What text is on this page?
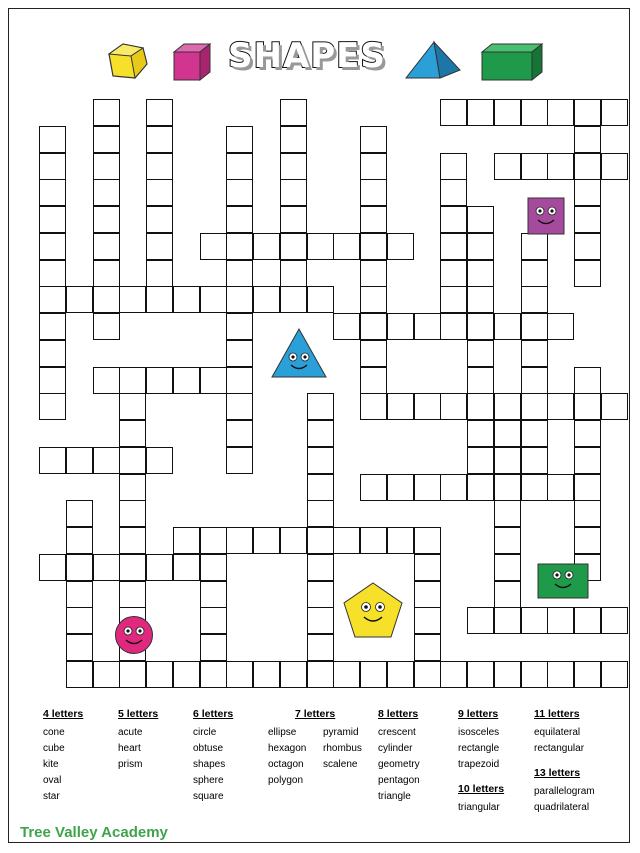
SHAPES
4 letters
cone
cube
kite
oval
star
5 letters
acute
heart
prism
6 letters
circle
obtuse
shapes
sphere
square
7 letters
ellipse
hexagon
octagon
polygon
pyramid
rhombus
scalene
8 letters
crescent
cylinder
geometry
pentagon
triangle
9 letters
isosceles
rectangle
trapezoid
10 letters
triangular
11 letters
equilateral
rectangular
13 letters
parallelogram
quadrilateral
Tree Valley Academy
